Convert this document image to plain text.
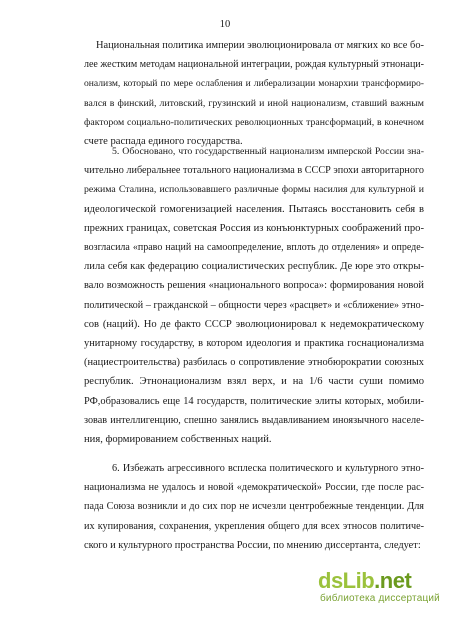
10
Национальная политика империи эволюционировала от мягких ко все бо-
лее жестким методам национальной интеграции, рождая культурный этнонаци-
онализм, который по мере ослабления и либерализации монархии трансформиро-
вался в финский, литовский, грузинский и иной национализм, ставший важным
фактором социально-политических революционных трансформаций, в конечном
счете распада единого государства.
5. Обосновано, что государственный национализм имперской России зна-
чительно либеральнее тотального национализма в СССР эпохи авторитарного
режима Сталина, использовавшего различные формы насилия для культурной и
идеологической гомогенизацией населения. Пытаясь восстановить себя в
прежних границах, советская Россия из конъюнктурных соображений про-
возгласила «право наций на самоопределение, вплоть до отделения» и опреде-
лила себя как федерацию социалистических республик. Де юре это откры-
вало возможность решения «национального вопроса»: формирования новой
политической – гражданской – общности через «расцвет» и «сближение» этно-
сов (наций). Но де факто СССР эволюционировал к недемократическому
унитарному государству, в котором идеология и практика госнационализма
(нациестроительства) разбилась о сопротивление этнобюрократии союзных
республик. Этнонационализм взял верх, и на 1/6 части суши помимо
РФ,образовались еще 14 государств, политические элиты которых, мобили-
зовав интеллигенцию, спешно занялись выдавливанием иноязычного населе-
ния, формированием собственных наций.
6. Избежать агрессивного всплеска политического и культурного этно-
национализма не удалось и новой «демократической» России, где после рас-
пада Союза возникли и до сих пор не исчезли центробежные тенденции. Для
их купирования, сохранения, укрепления общего для всех этносов политиче-
ского и культурного пространства России, по мнению диссертанта, следует:
dsLib.net
библиотека диссертаций
